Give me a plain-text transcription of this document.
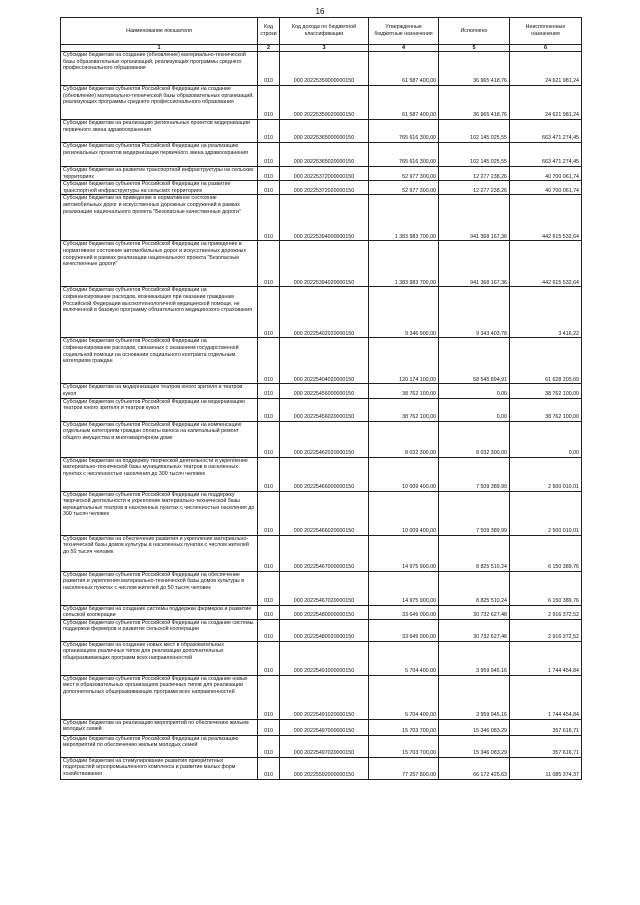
16
Наименование показателя	Код строки	Код дохода по бюджетной классификации	Утвержденные бюджетные назначения	Исполнено	Неисполненные назначения
1	2	3	4	5	6
Субсидии бюджетам на создание (обновление) материально-технической базы образовательных организаций, реализующих программы среднего профессионального образования	010	000 20225359000000150	61 587 400,00	36 965 418,76	24 621 981,24
Субсидии бюджетам субъектов Российской Федерации на создание (обновление) материально-технической базы образовательных организаций, реализующих программы среднего профессионального образования	010	000 20225359020000150	61 587 400,00	36 965 418,76	24 621 981,24
Субсидии бюджетам на реализацию региональных проектов модернизации первичного звена здравоохранения	010	000 20225365000000150	765 616 300,00	102 145 025,55	663 471 274,45
Субсидии бюджетам субъектов Российской Федерации на реализацию региональных проектов модернизации первичного звена здравоохранения	010	000 20225365020000150	765 616 300,00	102 145 025,55	663 471 274,45
Субсидии бюджетам на развитие транспортной инфраструктуры на сельских территориях	010	000 20225372000000150	52 977 300,00	12 277 238,26	40 700 061,74
Субсидии бюджетам субъектов Российской Федерации на развитие транспортной инфраструктуры на сельских территориях	010	000 20225372020000150	52 977 300,00	12 277 238,26	40 700 061,74
Субсидии бюджетам на приведение в нормативное состояние автомобильных дорог и искусственных дорожных сооружений в рамках реализации национального проекта "Безопасные качественные дороги"	010	000 20225394000000150	1 383 983 700,00	941 368 167,36	442 615 532,64
Субсидии бюджетам субъектов Российской Федерации на приведение в нормативное состояние автомобильных дорог и искусственных дорожных сооружений в рамках реализации национального проекта "Безопасные качественные дороги"	010	000 20225394020000150	1 383 983 700,00	941 368 167,36	442 615 532,64
Субсидии бюджетам субъектов Российской Федерации на софинансирование расходов, возникающих при оказании гражданам Российской Федерации высокотехнологичной медицинской помощи, не включенной в базовую программу обязательного медицинского страхования	010	000 20225402020000150	9 346 900,00	9 343 403,78	3 416,22
Субсидии бюджетам субъектов Российской Федерации на софинансирование расходов, связанных с оказанием государственной социальной помощи на основании социального контракта отдельным категориям граждан	010	000 20225404020000150	120 174 100,00	58 545 894,91	61 628 205,09
Субсидии бюджетам на модернизацию театров юного зрителя и театров кукол	010	000 20225456000000150	38 762 100,00	0,00	38 762 100,00
Субсидии бюджетам субъектов Российской Федерации на модернизацию театров юного зрителя и театров кукол	010	000 20225456020000150	38 762 100,00	0,00	38 762 100,00
Субсидии бюджетам субъектов Российской Федерации на компенсацию отдельным категориям граждан оплаты взноса на капитальный ремонт общего имущества в многоквартирном доме	010	000 20225462020000150	8 032 300,00	8 032 300,00	0,00
Субсидии бюджетам на поддержку творческой деятельности и укрепление материально-технической базы муниципальных театров в населенных пунктах с численностью населения до 300 тысяч человек	010	000 20225466000000150	10 009 400,00	7 509 389,99	2 500 010,01
Субсидии бюджетам субъектов Российской Федерации на поддержку творческой деятельности и укрепление материально-технической базы муниципальных театров в населенных пунктах с численностью населения до 300 тысяч человек	010	000 20225466020000150	10 009 400,00	7 509 389,99	2 500 010,01
Субсидии бюджетам на обеспечение развития и укрепления материально-технической базы домов культуры в населенных пунктах с числом жителей до 50 тысяч человек	010	000 20225467000000150	14 975 900,00	8 825 510,24	6 150 389,76
Субсидии бюджетам субъектов Российской Федерации на обеспечение развития и укрепления материально-технической базы домов культуры в населенных пунктах с числом жителей до 50 тысяч человек	010	000 20225467020000150	14 975 900,00	8 825 510,24	6 150 389,76
Субсидии бюджетам на создание системы поддержки фермеров и развитие сельской кооперации	010	000 20225480000000150	33 649 000,00	30 732 627,48	2 916 372,52
Субсидии бюджетам субъектов Российской Федерации на создание системы поддержки фермеров и развитие сельской кооперации	010	000 20225480020000150	33 649 000,00	30 732 627,48	2 916 372,52
Субсидии бюджетам на создание новых мест в образовательных организациях различных типов для реализации дополнительных общеразвивающих программ всех направленностей	010	000 20225491000000150	5 704 400,00	3 959 945,16	1 744 454,84
Субсидии бюджетам субъектов Российской Федерации на создание новых мест в образовательных организациях различных типов для реализации дополнительных общеразвивающих программ всех направленностей	010	000 20225491020000150	5 704 400,00	3 959 945,16	1 744 454,84
Субсидии бюджетам на реализацию мероприятий по обеспечению жильем молодых семей	010	000 20225497000000150	15 703 700,00	15 346 083,29	357 616,71
Субсидии бюджетам субъектов Российской Федерации на реализацию мероприятий по обеспечению жильем молодых семей	010	000 20225497020000150	15 703 700,00	15 346 083,29	357 616,71
Субсидии бюджетам на стимулирование развития приоритетных подотраслей агропромышленного комплекса и развитие малых форм хозяйствования	010	000 20225502000000150	77 257 800,00	66 172 425,63	11 085 374,37
